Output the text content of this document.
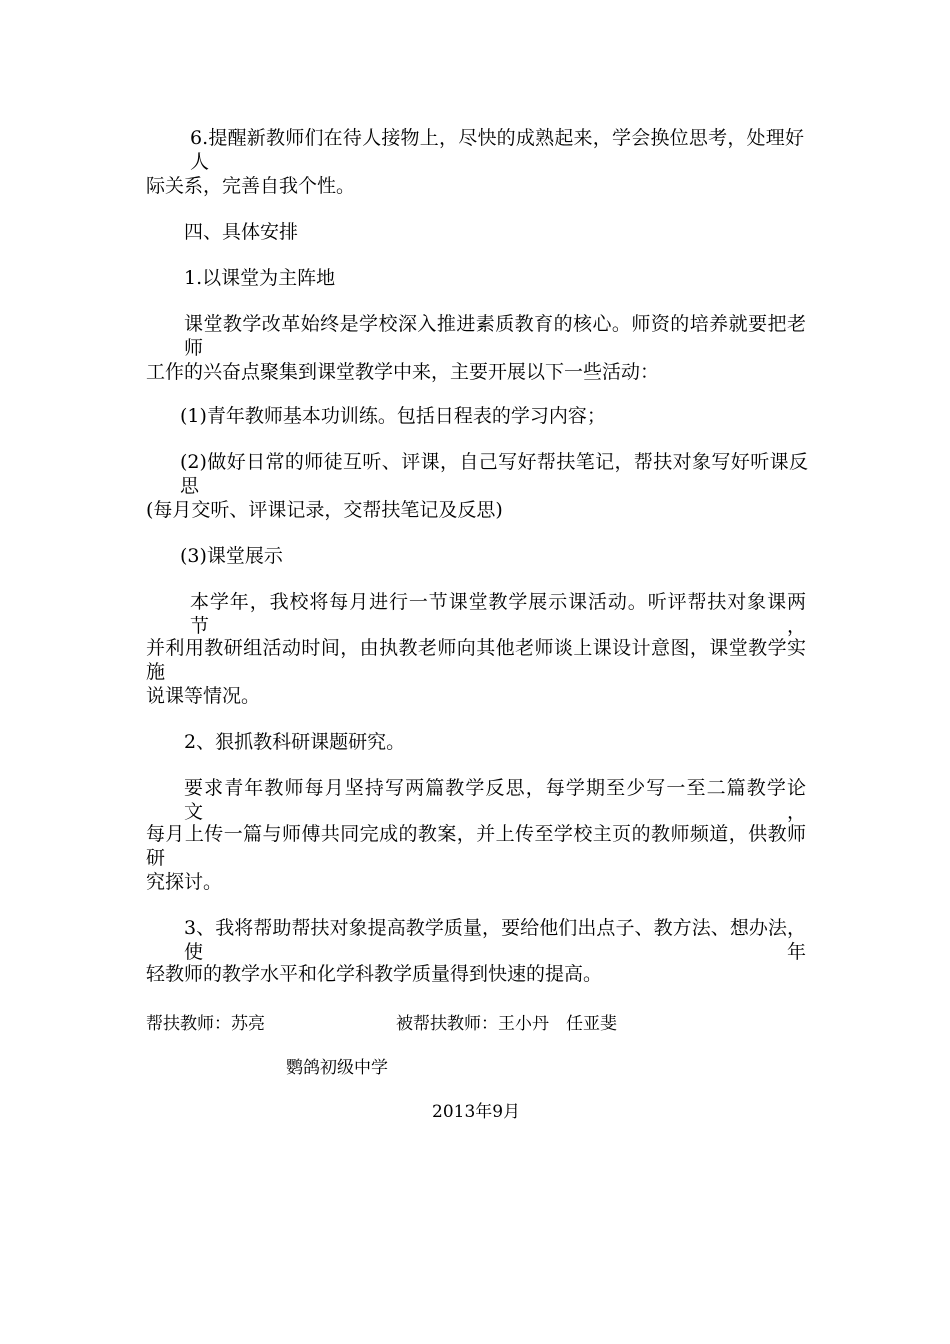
6.提醒新教师们在待人接物上，尽快的成熟起来，学会换位思考，处理好人
际关系，完善自我个性。
四、具体安排
1.以课堂为主阵地
课堂教学改革始终是学校深入推进素质教育的核心。师资的培养就要把老师
工作的兴奋点聚集到课堂教学中来，主要开展以下一些活动：
(1)青年教师基本功训练。包括日程表的学习内容；
(2)做好日常的师徒互听、评课，自己写好帮扶笔记，帮扶对象写好听课反思
(每月交听、评课记录，交帮扶笔记及反思)
(3)课堂展示
本学年，我校将每月进行一节课堂教学展示课活动。听评帮扶对象课两节，
并利用教研组活动时间，由执教老师向其他老师谈上课设计意图，课堂教学实施
说课等情况。
2、狠抓教科研课题研究。
要求青年教师每月坚持写两篇教学反思，每学期至少写一至二篇教学论文，
每月上传一篇与师傅共同完成的教案，并上传至学校主页的教师频道，供教师研
究探讨。
3、我将帮助帮扶对象提高教学质量，要给他们出点子、教方法、想办法，使年
轻教师的教学水平和化学科教学质量得到快速的提高。
帮扶教师：苏亮	被帮扶教师：王小丹　任亚斐
鹦鸽初级中学
2013年9月
